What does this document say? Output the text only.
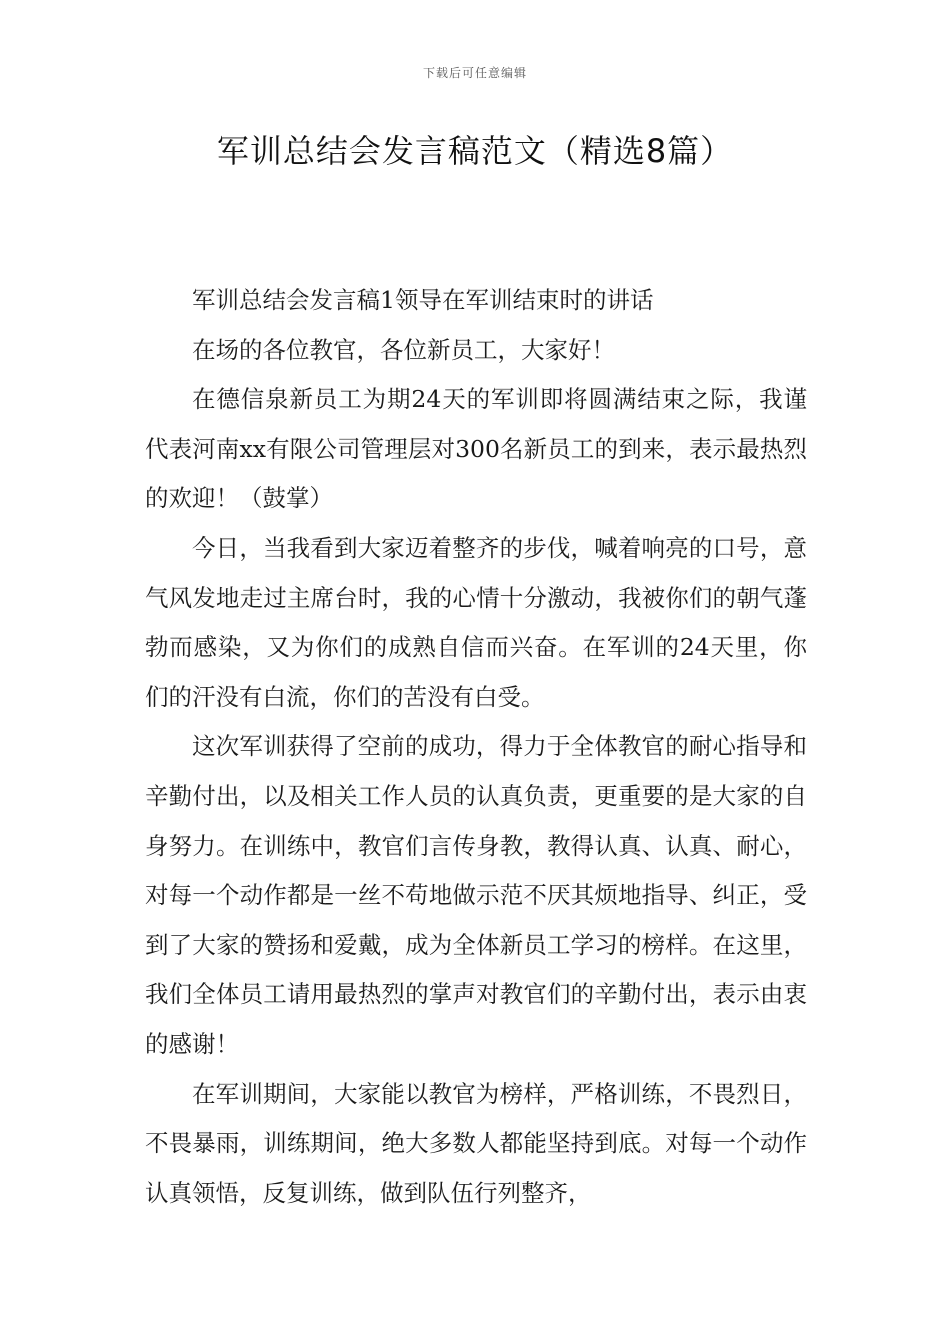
下载后可任意编辑
军训总结会发言稿范文（精选8篇）

军训总结会发言稿1领导在军训结束时的讲话

在场的各位教官，各位新员工，大家好！

在德信泉新员工为期24天的军训即将圆满结束之际，我谨代表河南xx有限公司管理层对300名新员工的到来，表示最热烈的欢迎！（鼓掌）

今日，当我看到大家迈着整齐的步伐，喊着响亮的口号，意气风发地走过主席台时，我的心情十分激动，我被你们的朝气蓬勃而感染，又为你们的成熟自信而兴奋。在军训的24天里，你们的汗没有白流，你们的苦没有白受。

这次军训获得了空前的成功，得力于全体教官的耐心指导和辛勤付出，以及相关工作人员的认真负责，更重要的是大家的自身努力。在训练中，教官们言传身教，教得认真、认真、耐心，对每一个动作都是一丝不苟地做示范不厌其烦地指导、纠正，受到了大家的赞扬和爱戴，成为全体新员工学习的榜样。在这里，我们全体员工请用最热烈的掌声对教官们的辛勤付出，表示由衷的感谢！

在军训期间，大家能以教官为榜样，严格训练，不畏烈日，不畏暴雨，训练期间，绝大多数人都能坚持到底。对每一个动作认真领悟，反复训练，做到队伍行列整齐，
